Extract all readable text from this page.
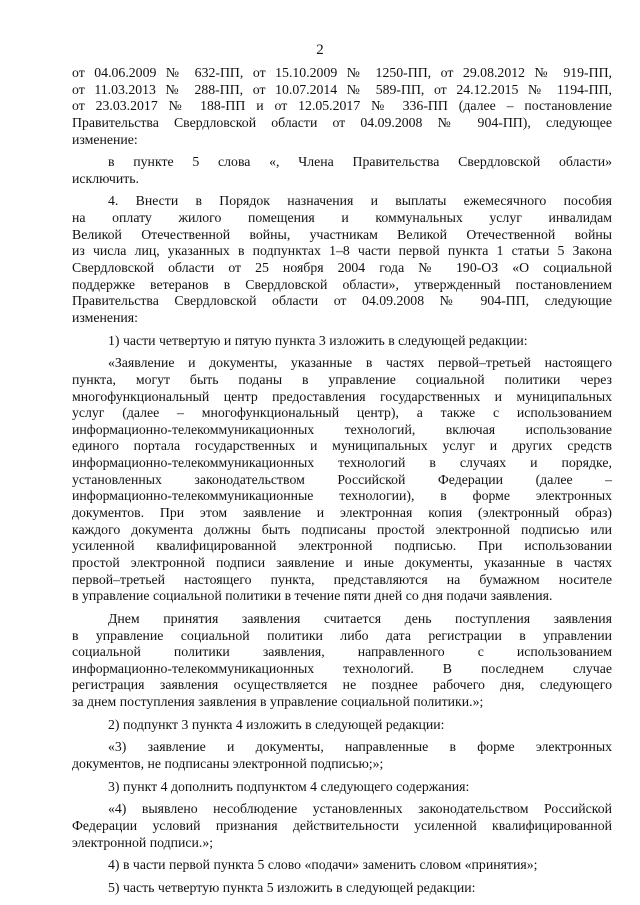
2
от 04.06.2009 № 632-ПП, от 15.10.2009 № 1250-ПП, от 29.08.2012 № 919-ПП,
от 11.03.2013 № 288-ПП, от 10.07.2014 № 589-ПП, от 24.12.2015 № 1194-ПП,
от 23.03.2017 № 188-ПП и от 12.05.2017 № 336-ПП (далее – постановление
Правительства Свердловской области от 04.09.2008 № 904-ПП), следующее
изменение:
в пункте 5 слова «, Члена Правительства Свердловской области»
исключить.
4. Внести в Порядок назначения и выплаты ежемесячного пособия
на оплату жилого помещения и коммунальных услуг инвалидам
Великой Отечественной войны, участникам Великой Отечественной войны
из числа лиц, указанных в подпунктах 1–8 части первой пункта 1 статьи 5 Закона
Свердловской области от 25 ноября 2004 года № 190-ОЗ «О социальной
поддержке ветеранов в Свердловской области», утвержденный постановлением
Правительства Свердловской области от 04.09.2008 № 904-ПП, следующие
изменения:
1) части четвертую и пятую пункта 3 изложить в следующей редакции:
«Заявление и документы, указанные в частях первой–третьей настоящего
пункта, могут быть поданы в управление социальной политики через
многофункциональный центр предоставления государственных и муниципальных
услуг (далее – многофункциональный центр), а также с использованием
информационно-телекоммуникационных технологий, включая использование
единого портала государственных и муниципальных услуг и других средств
информационно-телекоммуникационных технологий в случаях и порядке,
установленных законодательством Российской Федерации (далее –
информационно-телекоммуникационные технологии), в форме электронных
документов. При этом заявление и электронная копия (электронный образ)
каждого документа должны быть подписаны простой электронной подписью или
усиленной квалифицированной электронной подписью. При использовании
простой электронной подписи заявление и иные документы, указанные в частях
первой–третьей настоящего пункта, представляются на бумажном носителе
в управление социальной политики в течение пяти дней со дня подачи заявления.
Днем принятия заявления считается день поступления заявления
в управление социальной политики либо дата регистрации в управлении
социальной политики заявления, направленного с использованием
информационно-телекоммуникационных технологий. В последнем случае
регистрация заявления осуществляется не позднее рабочего дня, следующего
за днем поступления заявления в управление социальной политики.»;
2) подпункт 3 пункта 4 изложить в следующей редакции:
«3) заявление и документы, направленные в форме электронных
документов, не подписаны электронной подписью;»;
3) пункт 4 дополнить подпунктом 4 следующего содержания:
«4) выявлено несоблюдение установленных законодательством Российской
Федерации условий признания действительности усиленной квалифицированной
электронной подписи.»;
4) в части первой пункта 5 слово «подачи» заменить словом «принятия»;
5) часть четвертую пункта 5 изложить в следующей редакции:
